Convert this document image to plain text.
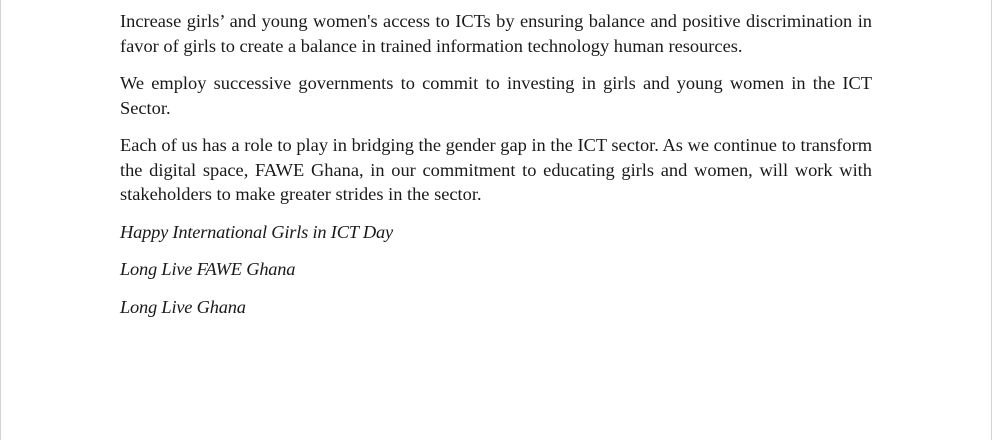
Increase girls’ and young women's access to ICTs by ensuring balance and positive discrimination in favor of girls to create a balance in trained information technology human resources.

We employ successive governments to commit to investing in girls and young women in the ICT Sector.

Each of us has a role to play in bridging the gender gap in the ICT sector. As we continue to transform the digital space, FAWE Ghana, in our commitment to educating girls and women, will work with stakeholders to make greater strides in the sector.

Happy International Girls in ICT Day

Long Live FAWE Ghana

Long Live Ghana
